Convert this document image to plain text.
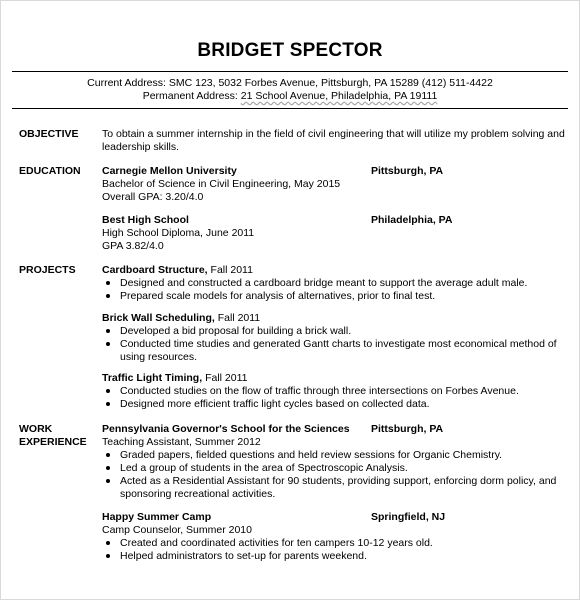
BRIDGET SPECTOR
Current Address: SMC 123, 5032 Forbes Avenue, Pittsburgh, PA 15289 (412) 511-4422
Permanent Address: 21 School Avenue, Philadelphia, PA 19111
OBJECTIVE To obtain a summer internship in the field of civil engineering that will utilize my problem solving and leadership skills.
EDUCATION Carnegie Mellon University
Bachelor of Science in Civil Engineering, May 2015
Overall GPA: 3.20/4.0
Pittsburgh, PA
Best High School
High School Diploma, June 2011
GPA 3.82/4.0
Philadelphia, PA
PROJECTS	Cardboard Structure, Fall 2011
Designed and constructed a cardboard bridge meant to support the average adult male.
Prepared scale models for analysis of alternatives, prior to final test.
Brick Wall Scheduling, Fall 2011
Developed a bid proposal for building a brick wall.
Conducted time studies and generated Gantt charts to investigate most economical method of using resources.
Traffic Light Timing, Fall 2011
Conducted studies on the flow of traffic through three intersections on Forbes Avenue.
Designed more efficient traffic light cycles based on collected data.
WORK
EXPERIENCE
Pennsylvania Governor's School for the Sciences
Teaching Assistant, Summer 2012
Graded papers, fielded questions and held review sessions for Organic Chemistry.
Led a group of students in the area of Spectroscopic Analysis.
Acted as a Residential Assistant for 90 students, providing support, enforcing dorm policy, and sponsoring recreational activities.
Pittsburgh, PA
Happy Summer Camp
Camp Counselor, Summer 2010
Created and coordinated activities for ten campers 10-12 years old.
Helped administrators to set-up for parents weekend.
Springfield, NJ
